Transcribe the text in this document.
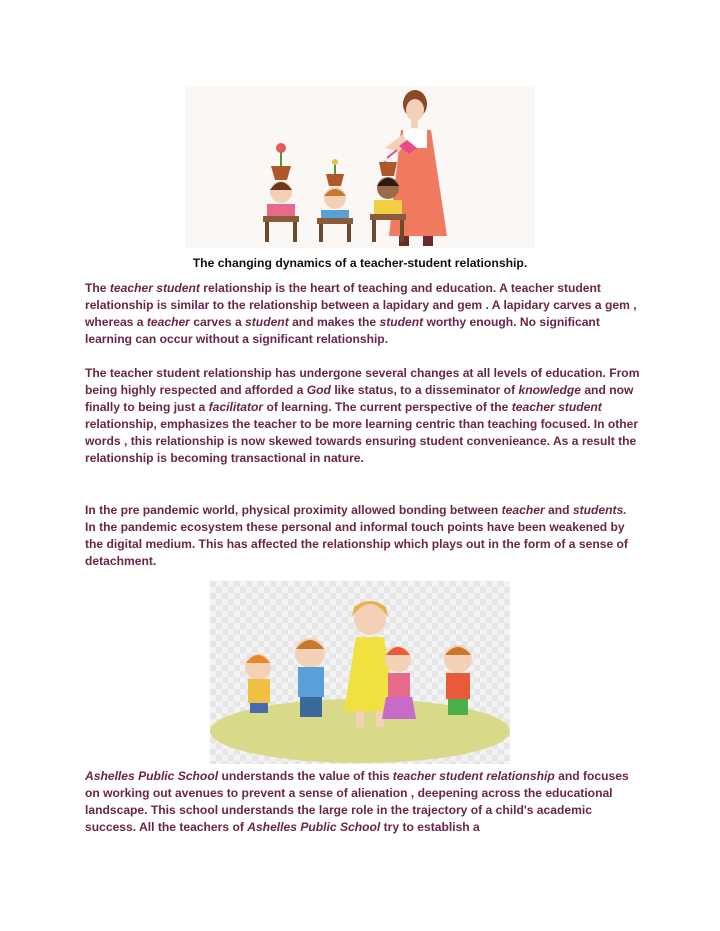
The changing dynamics of a teacher-student relationship.

The teacher student relationship is the heart of teaching and education. A teacher student relationship is similar to the relationship between a lapidary and gem . A lapidary carves a gem , whereas a teacher carves a student and makes the student worthy enough. No significant learning can occur without a significant relationship.

The teacher student relationship has undergone several changes at all levels of education. From being highly respected and afforded a God like status, to a disseminator of knowledge and now finally to being just a facilitator of learning. The current perspective of the teacher student relationship, emphasizes the teacher to be more learning centric than teaching focused. In other words , this relationship is now skewed towards ensuring student convenieance. As a result the relationship is becoming transactional in nature.

In the pre pandemic world, physical proximity allowed bonding between teacher and students. In the pandemic ecosystem these personal and informal touch points have been weakened by the digital medium. This has affected the relationship which plays out in the form of a sense of detachment.

Ashelles Public School understands the value of this teacher student relationship and focuses on working out avenues to prevent a sense of alienation , deepening across the educational landscape. This school understands the large role in the trajectory of a child's academic success. All the teachers of Ashelles Public School try to establish a
